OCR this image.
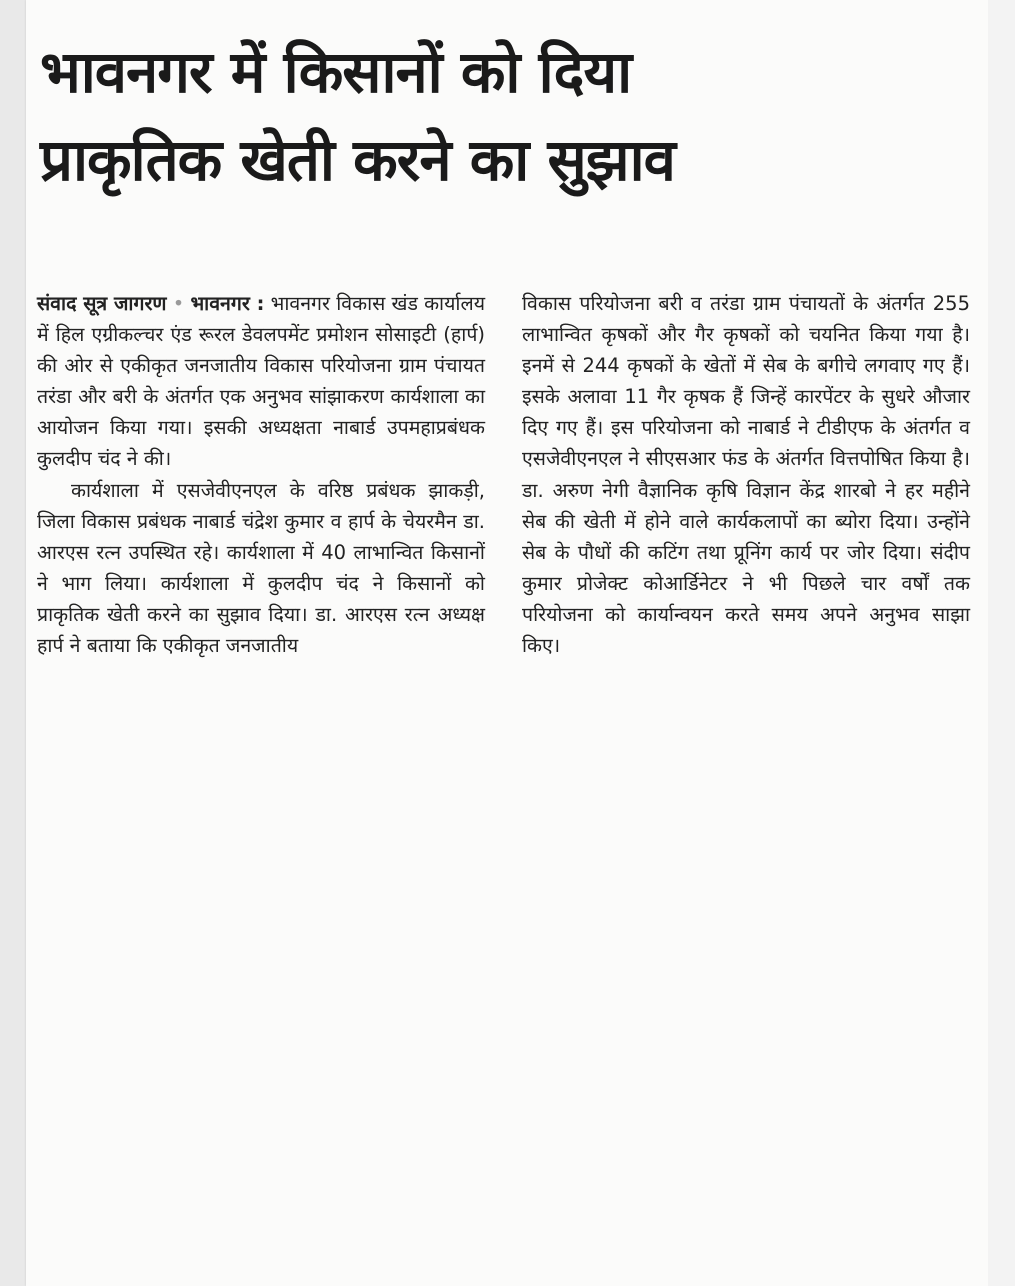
भावनगर में किसानों को दिया
प्राकृतिक खेती करने का सुझाव

संवाद सूत्र जागरण • भावनगर : भावनगर विकास खंड कार्यालय में हिल एग्रीकल्चर एंड रूरल डेवलपमेंट प्रमोशन सोसाइटी (हार्प) की ओर से एकीकृत जनजातीय विकास परियोजना ग्राम पंचायत तरंडा और बरी के अंतर्गत एक अनुभव सांझाकरण कार्यशाला का आयोजन किया गया। इसकी अध्यक्षता नाबार्ड उपमहाप्रबंधक कुलदीप चंद ने की।

कार्यशाला में एसजेवीएनएल के वरिष्ठ प्रबंधक झाकड़ी, जिला विकास प्रबंधक नाबार्ड चंद्रेश कुमार व हार्प के चेयरमैन डा. आरएस रत्न उपस्थित रहे। कार्यशाला में 40 लाभान्वित किसानों ने भाग लिया। कार्यशाला में कुलदीप चंद ने किसानों को प्राकृतिक खेती करने का सुझाव दिया। डा. आरएस रत्न अध्यक्ष हार्प ने बताया कि एकीकृत जनजातीय

विकास परियोजना बरी व तरंडा ग्राम पंचायतों के अंतर्गत 255 लाभान्वित कृषकों और गैर कृषकों को चयनित किया गया है। इनमें से 244 कृषकों के खेतों में सेब के बगीचे लगवाए गए हैं। इसके अलावा 11 गैर कृषक हैं जिन्हें कारपेंटर के सुधरे औजार दिए गए हैं। इस परियोजना को नाबार्ड ने टीडीएफ के अंतर्गत व एसजेवीएनएल ने सीएसआर फंड के अंतर्गत वित्तपोषित किया है। डा. अरुण नेगी वैज्ञानिक कृषि विज्ञान केंद्र शारबो ने हर महीने सेब की खेती में होने वाले कार्यकलापों का ब्योरा दिया। उन्होंने सेब के पौधों की कटिंग तथा प्रूनिंग कार्य पर जोर दिया। संदीप कुमार प्रोजेक्ट कोआर्डिनेटर ने भी पिछले चार वर्षों तक परियोजना को कार्यान्वयन करते समय अपने अनुभव साझा किए।
